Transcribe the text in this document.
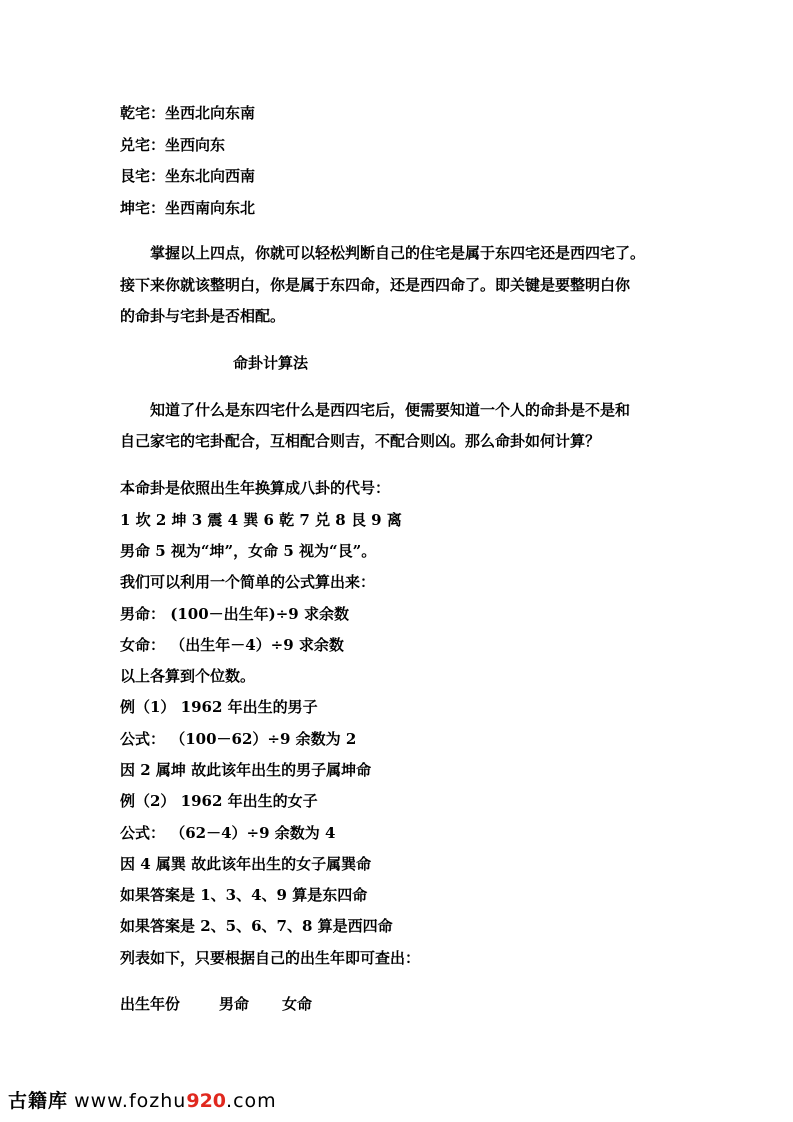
乾宅：坐西北向东南

兑宅：坐西向东

艮宅：坐东北向西南

坤宅：坐西南向东北

　　掌握以上四点，你就可以轻松判断自己的住宅是属于东四宅还是西四宅了。

接下来你就该整明白，你是属于东四命，还是西四命了。即关键是要整明白你

的命卦与宅卦是否相配。

命卦计算法

　　知道了什么是东四宅什么是西四宅后，便需要知道一个人的命卦是不是和

自己家宅的宅卦配合，互相配合则吉，不配合则凶。那么命卦如何计算？

本命卦是依照出生年换算成八卦的代号：

1 坎 2 坤 3 震 4 巽 6 乾 7 兑 8 艮 9 离

男命 5 视为“坤”，女命 5 视为“艮”。

我们可以利用一个简单的公式算出来：

男命： (100－出生年)÷9 求余数

女命： （出生年－4）÷9 求余数

以上各算到个位数。

例（1） 1962 年出生的男子

公式： （100－62）÷9 余数为 2

因 2 属坤 故此该年出生的男子属坤命

例（2） 1962 年出生的女子

公式： （62－4）÷9 余数为 4

因 4 属巽 故此该年出生的女子属巽命

如果答案是 1、3、4、9 算是东四命

如果答案是 2、5、6、7、8 算是西四命

列表如下，只要根据自己的出生年即可查出：

出生年份	男命 女命
古籍库 www.fozhu920.com
